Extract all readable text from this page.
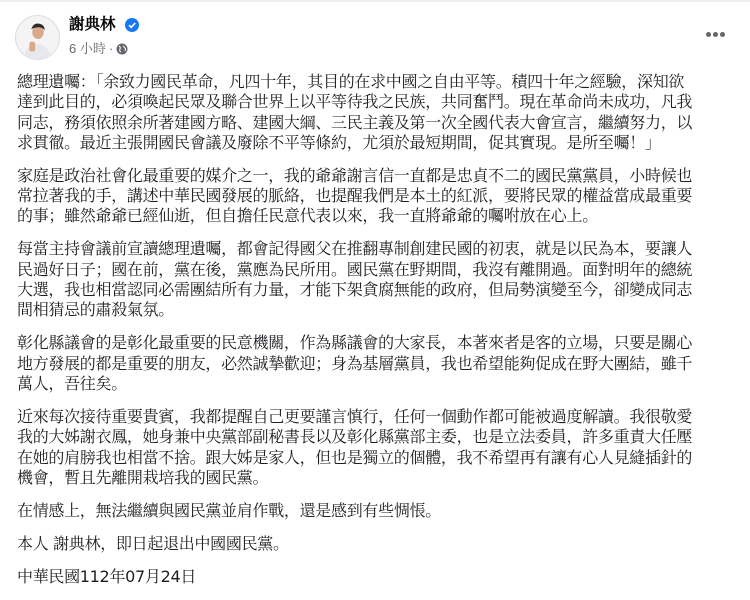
謝典林
6 小時 ·

總理遺囑：「余致力國民革命，凡四十年，其目的在求中國之自由平等。積四十年之經驗，深知欲
達到此目的，必須喚起民眾及聯合世界上以平等待我之民族，共同奮鬥。現在革命尚未成功，凡我
同志，務須依照余所著建國方略、建國大綱、三民主義及第一次全國代表大會宣言，繼續努力，以
求貫徹。最近主張開國民會議及廢除不平等條約，尤須於最短期間，促其實現。是所至囑！」

家庭是政治社會化最重要的媒介之一，我的爺爺謝言信一直都是忠貞不二的國民黨黨員，小時候也
常拉著我的手，講述中華民國發展的脈絡，也提醒我們是本土的紅派，要將民眾的權益當成最重要
的事；雖然爺爺已經仙逝，但自擔任民意代表以來，我一直將爺爺的囑咐放在心上。

每當主持會議前宣讀總理遺囑，都會記得國父在推翻專制創建民國的初衷，就是以民為本，要讓人
民過好日子；國在前，黨在後，黨應為民所用。國民黨在野期間，我沒有離開過。面對明年的總統
大選，我也相當認同必需團結所有力量，才能下架貪腐無能的政府，但局勢演變至今，卻變成同志
間相猜忌的肅殺氣氛。

彰化縣議會的是彰化最重要的民意機關，作為縣議會的大家長，本著來者是客的立場，只要是關心
地方發展的都是重要的朋友，必然誠摯歡迎；身為基層黨員，我也希望能夠促成在野大團結，雖千
萬人，吾往矣。

近來每次接待重要貴賓，我都提醒自己更要謹言慎行，任何一個動作都可能被過度解讀。我很敬愛
我的大姊謝衣鳳，她身兼中央黨部副秘書長以及彰化縣黨部主委，也是立法委員，許多重責大任壓
在她的肩膀我也相當不捨。跟大姊是家人，但也是獨立的個體，我不希望再有讓有心人見縫插針的
機會，暫且先離開栽培我的國民黨。

在情感上，無法繼續與國民黨並肩作戰，還是感到有些惆悵。

本人 謝典林，即日起退出中國國民黨。

中華民國112年07月24日
